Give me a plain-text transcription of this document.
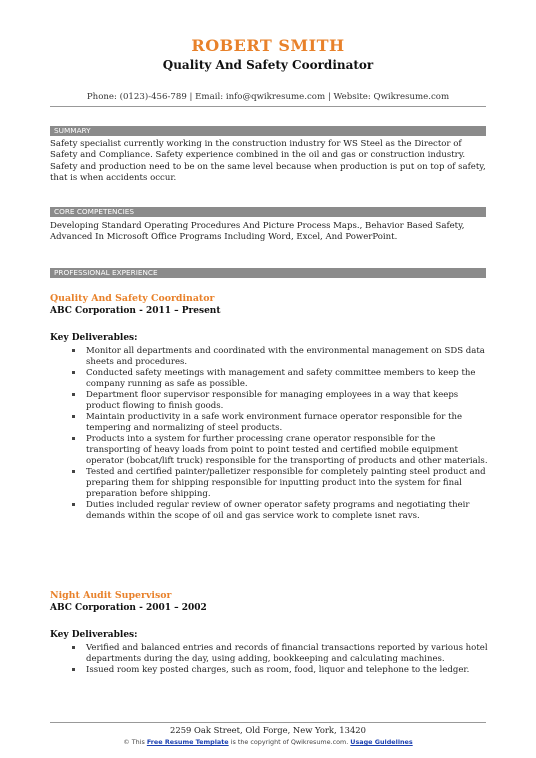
ROBERT SMITH
Quality And Safety Coordinator
Phone: (0123)-456-789 | Email: info@qwikresume.com | Website: Qwikresume.com
SUMMARY
Safety specialist currently working in the construction industry for WS Steel as the Director of Safety and Compliance. Safety experience combined in the oil and gas or construction industry. Safety and production need to be on the same level because when production is put on top of safety, that is when accidents occur.
CORE COMPETENCIES
Developing Standard Operating Procedures And Picture Process Maps., Behavior Based Safety, Advanced In Microsoft Office Programs Including Word, Excel, And PowerPoint.
PROFESSIONAL EXPERIENCE
Quality And Safety Coordinator
ABC Corporation - 2011 – Present
Key Deliverables:
Monitor all departments and coordinated with the environmental management on SDS data sheets and procedures.
Conducted safety meetings with management and safety committee members to keep the company running as safe as possible.
Department floor supervisor responsible for managing employees in a way that keeps product flowing to finish goods.
Maintain productivity in a safe work environment furnace operator responsible for the tempering and normalizing of steel products.
Products into a system for further processing crane operator responsible for the transporting of heavy loads from point to point tested and certified mobile equipment operator (bobcat/lift truck) responsible for the transporting of products and other materials.
Tested and certified painter/palletizer responsible for completely painting steel product and preparing them for shipping responsible for inputting product into the system for final preparation before shipping.
Duties included regular review of owner operator safety programs and negotiating their demands within the scope of oil and gas service work to complete isnet ravs.
Night Audit Supervisor
ABC Corporation - 2001 – 2002
Key Deliverables:
Verified and balanced entries and records of financial transactions reported by various hotel departments during the day, using adding, bookkeeping and calculating machines.
Issued room key posted charges, such as room, food, liquor and telephone to the ledger.
2259 Oak Street, Old Forge, New York, 13420
© This Free Resume Template is the copyright of Qwikresume.com. Usage Guidelines
